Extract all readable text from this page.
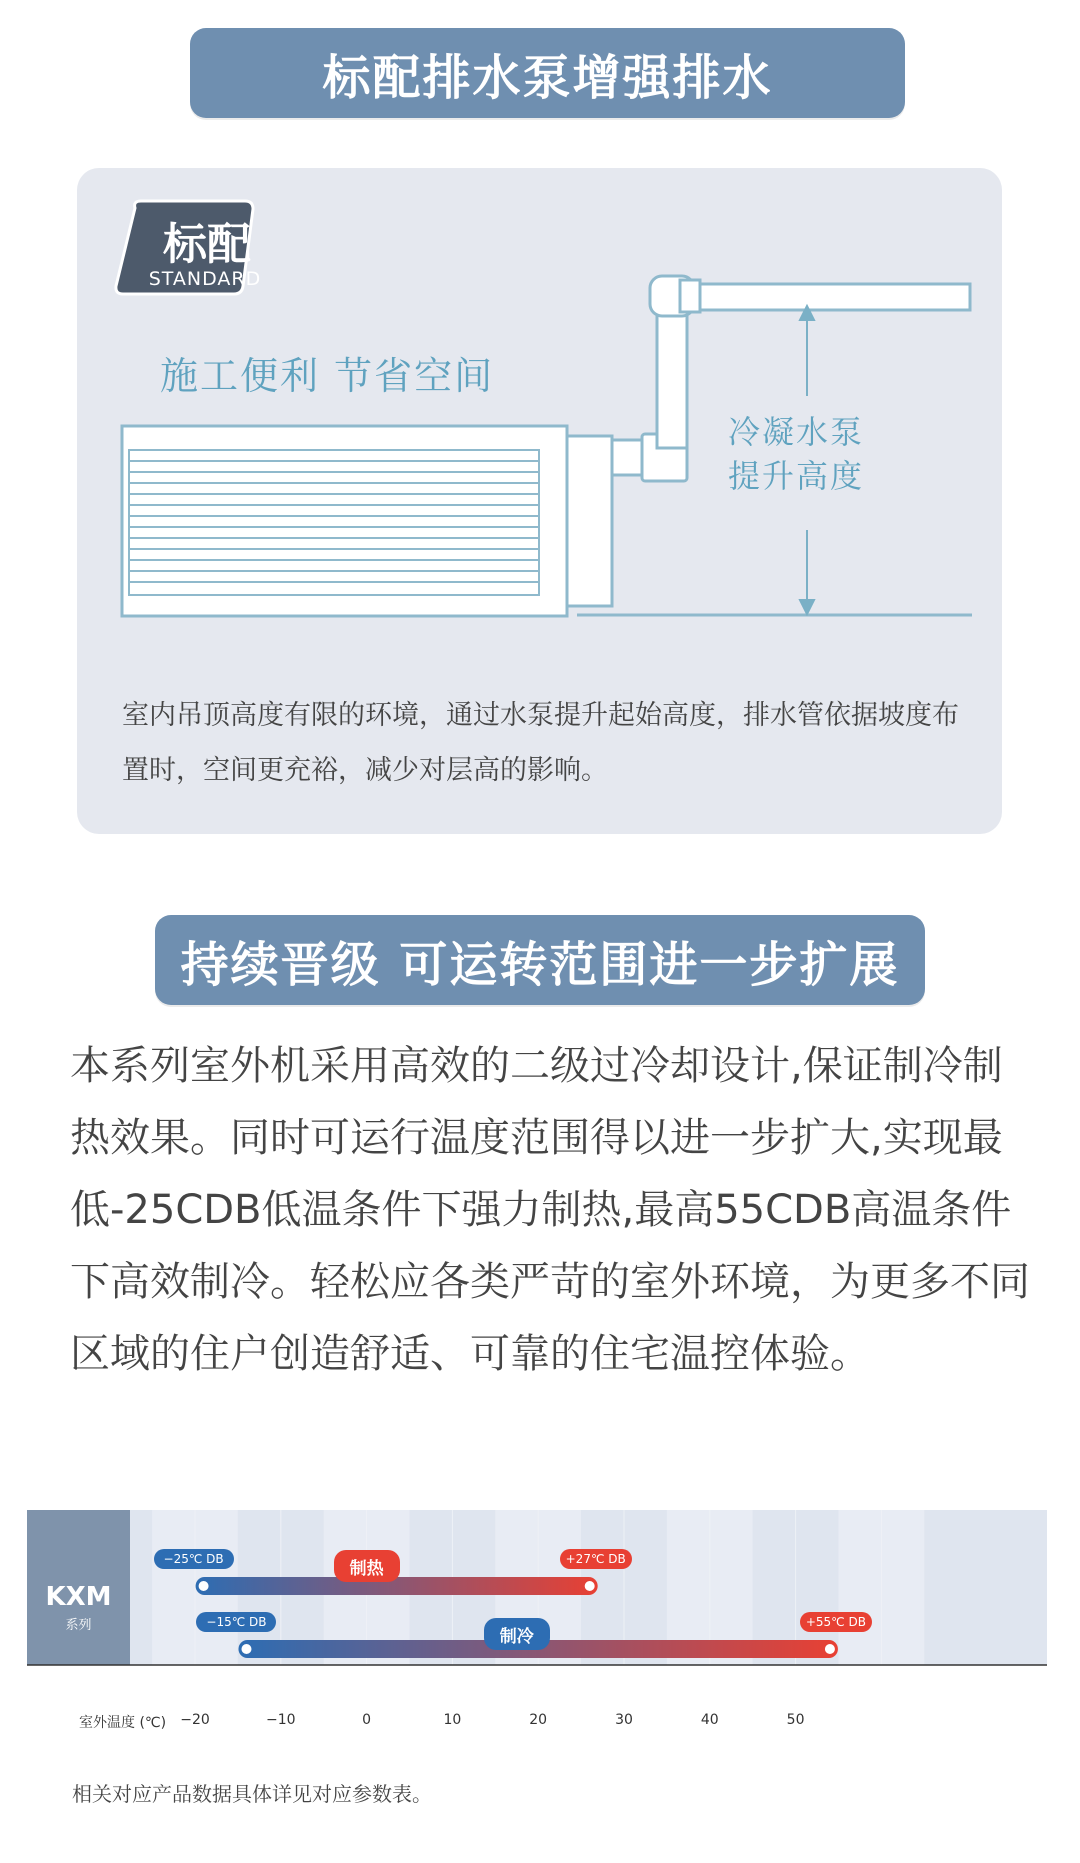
标配排水泵增强排水
标配
STANDARD
施工便利 节省空间
冷凝水泵
提升高度
室内吊顶高度有限的环境，通过水泵提升起始高度，排水管依据坡度布置时，空间更充裕，减少对层高的影响。
持续晋级 可运转范围进一步扩展
本系列室外机采用高效的二级过冷却设计,保证制冷制热效果。同时可运行温度范围得以进一步扩大,实现最低-25CDB低温条件下强力制热,最高55CDB高温条件下高效制冷。轻松应各类严苛的室外环境，为更多不同区域的住户创造舒适、可靠的住宅温控体验。
KXM
系列
室外温度 (℃)	−20	−10	0	10	20	30	40	50
−25℃ DB	+27℃ DB
制热
−15℃ DB	+55℃ DB
制冷
相关对应产品数据具体详见对应参数表。
